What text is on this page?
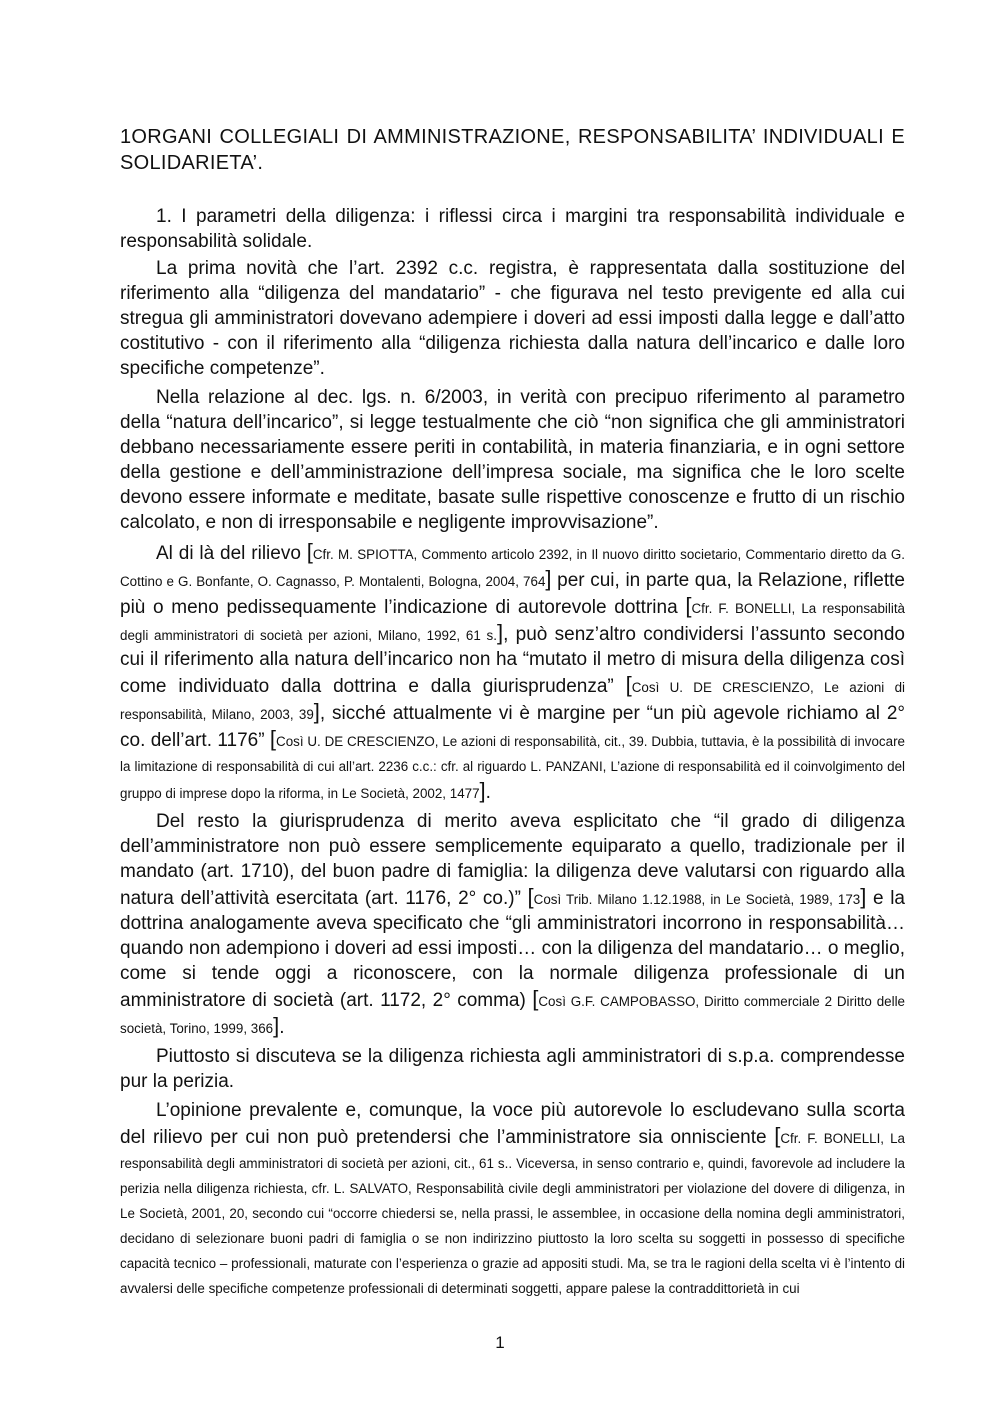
1ORGANI COLLEGIALI DI AMMINISTRAZIONE, RESPONSABILITA’ INDIVIDUALI E SOLIDARIETA’.
1. I parametri della diligenza: i riflessi circa i margini tra responsabilità individuale e responsabilità solidale.

La prima novità che l’art. 2392 c.c. registra, è rappresentata dalla sostituzione del riferimento alla “diligenza del mandatario” - che figurava nel testo previgente ed alla cui stregua gli amministratori dovevano adempiere i doveri ad essi imposti dalla legge e dall’atto costitutivo - con il riferimento alla “diligenza richiesta dalla natura dell’incarico e dalle loro specifiche competenze”.

Nella relazione al dec. lgs. n. 6/2003, in verità con precipuo riferimento al parametro della “natura dell’incarico”, si legge testualmente che ciò “non significa che gli amministratori debbano necessariamente essere periti in contabilità, in materia finanziaria, e in ogni settore della gestione e dell’amministrazione dell’impresa sociale, ma significa che le loro scelte devono essere informate e meditate, basate sulle rispettive conoscenze e frutto di un rischio calcolato, e non di irresponsabile e negligente improvvisazione”.

Al di là del rilievo [Cfr. M. SPIOTTA, Commento articolo 2392, in Il nuovo diritto societario, Commentario diretto da G. Cottino e G. Bonfante, O. Cagnasso, P. Montalenti, Bologna, 2004, 764] per cui, in parte qua, la Relazione, riflette più o meno pedissequamente l’indicazione di autorevole dottrina [Cfr. F. BONELLI, La responsabilità degli amministratori di società per azioni, Milano, 1992, 61 s.], può senz’altro condividersi l’assunto secondo cui il riferimento alla natura dell’incarico non ha “mutato il metro di misura della diligenza così come individuato dalla dottrina e dalla giurisprudenza” [Così U. DE CRESCIENZO, Le azioni di responsabilità, Milano, 2003, 39], sicché attualmente vi è margine per “un più agevole richiamo al 2° co. dell’art. 1176” [Così U. DE CRESCIENZO, Le azioni di responsabilità, cit., 39. Dubbia, tuttavia, è la possibilità di invocare la limitazione di responsabilità di cui all’art. 2236 c.c.: cfr. al riguardo L. PANZANI, L’azione di responsabilità ed il coinvolgimento del gruppo di imprese dopo la riforma, in Le Società, 2002, 1477].

Del resto la giurisprudenza di merito aveva esplicitato che “il grado di diligenza dell’amministratore non può essere semplicemente equiparato a quello, tradizionale per il mandato (art. 1710), del buon padre di famiglia: la diligenza deve valutarsi con riguardo alla natura dell’attività esercitata (art. 1176, 2° co.)” [Così Trib. Milano 1.12.1988, in Le Società, 1989, 173] e la dottrina analogamente aveva specificato che “gli amministratori incorrono in responsabilità… quando non adempiono i doveri ad essi imposti… con la diligenza del mandatario… o meglio, come si tende oggi a riconoscere, con la normale diligenza professionale di un amministratore di società (art. 1172, 2° comma) [Così G.F. CAMPOBASSO, Diritto commerciale 2 Diritto delle società, Torino, 1999, 366].

Piuttosto si discuteva se la diligenza richiesta agli amministratori di s.p.a. comprendesse pur la perizia.

L’opinione prevalente e, comunque, la voce più autorevole lo escludevano sulla scorta del rilievo per cui non può pretendersi che l’amministratore sia onnisciente [Cfr. F. BONELLI, La responsabilità degli amministratori di società per azioni, cit., 61 s.. Viceversa, in senso contrario e, quindi, favorevole ad includere la perizia nella diligenza richiesta, cfr. L. SALVATO, Responsabilità civile degli amministratori per violazione del dovere di diligenza, in Le Società, 2001, 20, secondo cui “occorre chiedersi se, nella prassi, le assemblee, in occasione della nomina degli amministratori, decidano di selezionare buoni padri di famiglia o se non indirizzino piuttosto la loro scelta su soggetti in possesso di specifiche capacità tecnico – professionali, maturate con l’esperienza o grazie ad appositi studi. Ma, se tra le ragioni della scelta vi è l’intento di avvalersi delle specifiche competenze professionali di determinati soggetti, appare palese la contraddittorietà in cui

1
